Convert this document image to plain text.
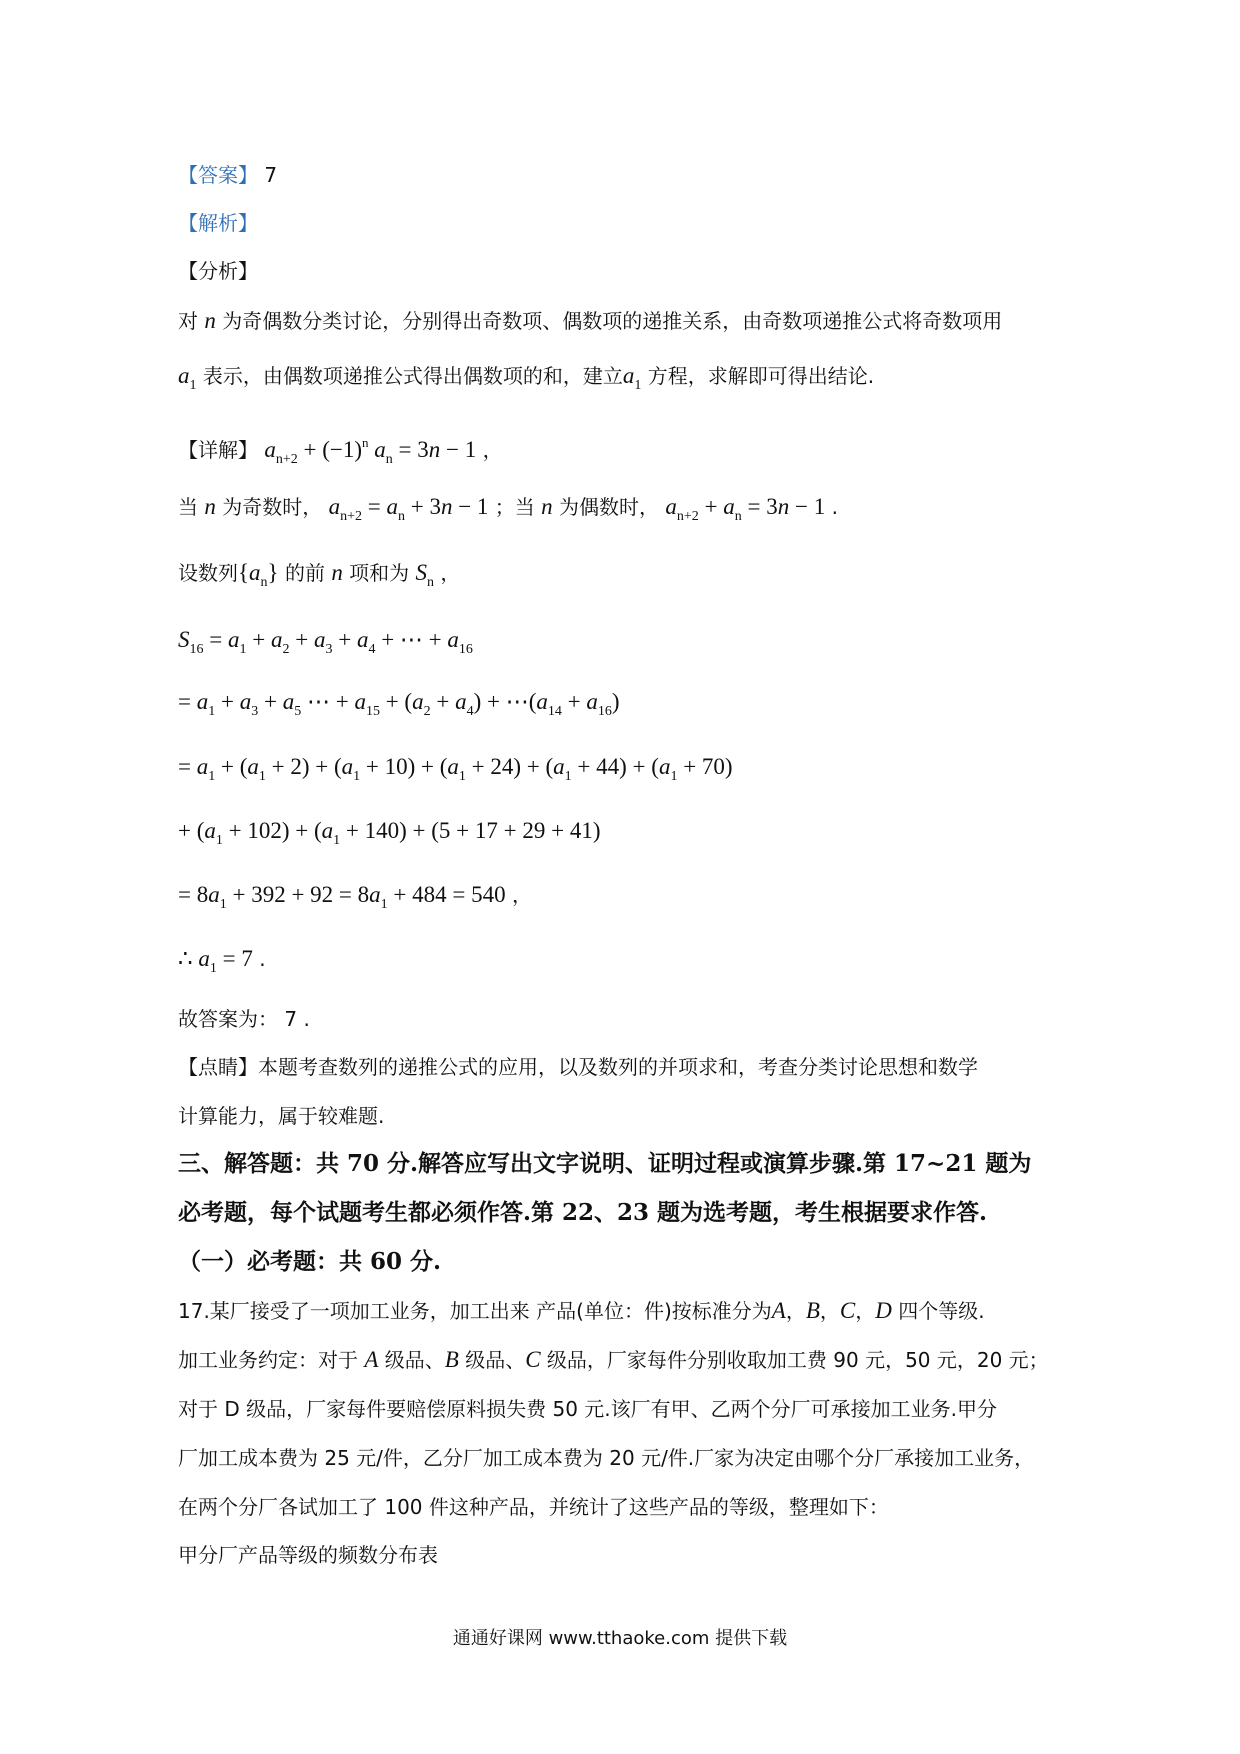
【答案】 7
【解析】
【分析】
对 n 为奇偶数分类讨论，分别得出奇数项、偶数项的递推关系，由奇数项递推公式将奇数项用
$a_1$ 表示，由偶数项递推公式得出偶数项的和，建立$a_1$ 方程，求解即可得出结论.
【详解】 $a_{n+2} + (-1)^n$ $a_n = 3n - 1$ ，
当 n 为奇数时， $a_{n+2} = a_n + 3n - 1$ ；当 n 为偶数时， $a_{n+2} + a_n = 3n - 1$ .
设数列$\{a_n\}$ 的前 n 项和为 $S_n$ ，
$S_{16} = a_1 + a_2 + a_3 + a_4$ + ⋯ + $a_{16}$
= $a_1 + a_3 + a_5$ ⋯ + $a_{15} + (a_2 + a_4)$ + $\cdots(a_{14} + a_{16})$
= $a_1 + (a_1 + 2) + (a_1 + 10) + (a_1 + 24) + (a_1 + 44) + (a_1 + 70)$
+ $(a_1 + 102) + (a_1 + 140) + (5 + 17 + 29 + 41)$
= $8a_1 + 392 + 92 = 8a_1 + 484 = 540$ ，
∴ $a_1 = 7$ .
故答案为： 7 .
【点睛】本题考查数列的递推公式的应用，以及数列的并项求和，考查分类讨论思想和数学
计算能力，属于较难题.
三、解答题：共 70 分.解答应写出文字说明、证明过程或演算步骤.第 17~21 题为
必考题，每个试题考生都必须作答.第 22、23 题为选考题，考生根据要求作答.
（一）必考题：共 60 分.
17.某厂接受了一项加工业务，加工出来 产品(单位：件)按标准分为A，B，C，D 四个等级.
加工业务约定：对于 A 级品、B 级品、C 级品，厂家每件分别收取加工费 90 元，50 元，20 元；
对于 D 级品，厂家每件要赔偿原料损失费 50 元.该厂有甲、乙两个分厂可承接加工业务.甲分
厂加工成本费为 25 元/件，乙分厂加工成本费为 20 元/件.厂家为决定由哪个分厂承接加工业务，
在两个分厂各试加工了 100 件这种产品，并统计了这些产品的等级，整理如下：
甲分厂产品等级的频数分布表
通通好课网 www.tthaoke.com 提供下载
